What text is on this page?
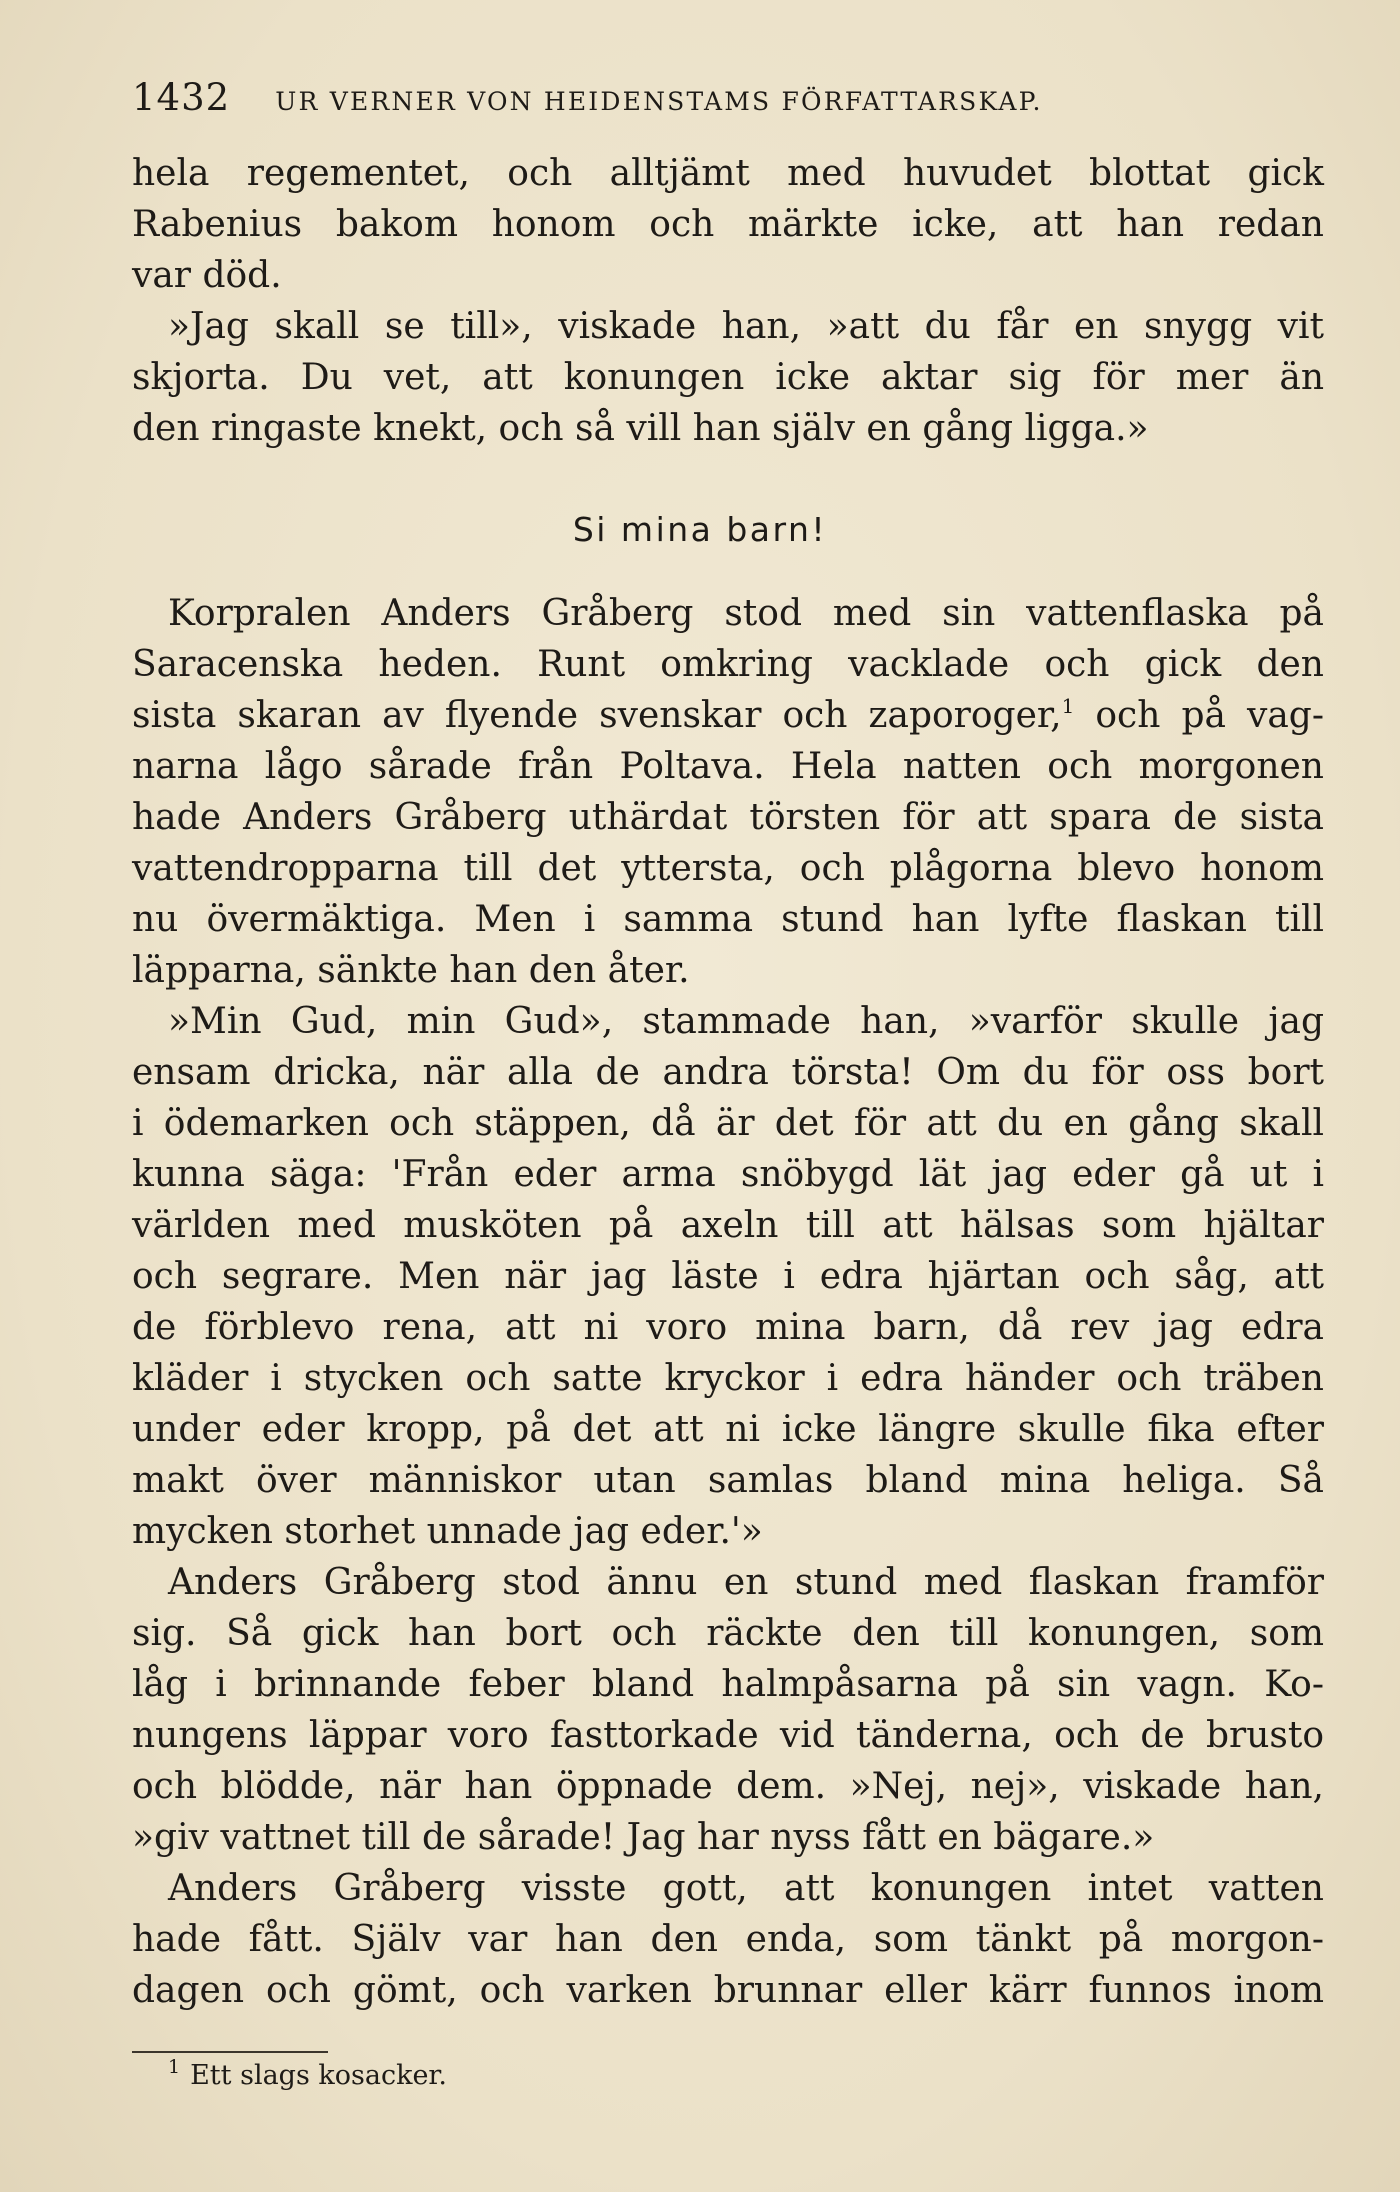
1432 UR VERNER VON HEIDENSTAMS FÖRFATTARSKAP.
hela regementet, och alltjämt med huvudet blottat gick
Rabenius bakom honom och märkte icke, att han redan
var död.
»Jag skall se till», viskade han, »att du får en snygg vit
skjorta. Du vet, att konungen icke aktar sig för mer än
den ringaste knekt, och så vill han själv en gång ligga.»
Si mina barn!
Korpralen Anders Gråberg stod med sin vattenflaska på
Saracenska heden. Runt omkring vacklade och gick den
sista skaran av flyende svenskar och zaporoger,$^1$ och på vag-
narna lågo sårade från Poltava. Hela natten och morgonen
hade Anders Gråberg uthärdat törsten för att spara de sista
vattendropparna till det yttersta, och plågorna blevo honom
nu övermäktiga. Men i samma stund han lyfte flaskan till
läpparna, sänkte han den åter.
»Min Gud, min Gud», stammade han, »varför skulle jag
ensam dricka, när alla de andra törsta! Om du för oss bort
i ödemarken och stäppen, då är det för att du en gång skall
kunna säga: 'Från eder arma snöbygd lät jag eder gå ut i
världen med musköten på axeln till att hälsas som hjältar
och segrare. Men när jag läste i edra hjärtan och såg, att
de förblevo rena, att ni voro mina barn, då rev jag edra
kläder i stycken och satte kryckor i edra händer och träben
under eder kropp, på det att ni icke längre skulle fika efter
makt över människor utan samlas bland mina heliga. Så
mycken storhet unnade jag eder.'»
Anders Gråberg stod ännu en stund med flaskan framför
sig. Så gick han bort och räckte den till konungen, som
låg i brinnande feber bland halmpåsarna på sin vagn. Ko-
nungens läppar voro fasttorkade vid tänderna, och de brusto
och blödde, när han öppnade dem. »Nej, nej», viskade han,
»giv vattnet till de sårade! Jag har nyss fått en bägare.»
Anders Gråberg visste gott, att konungen intet vatten
hade fått. Själv var han den enda, som tänkt på morgon-
dagen och gömt, och varken brunnar eller kärr funnos inom
$^1$ Ett slags kosacker.
